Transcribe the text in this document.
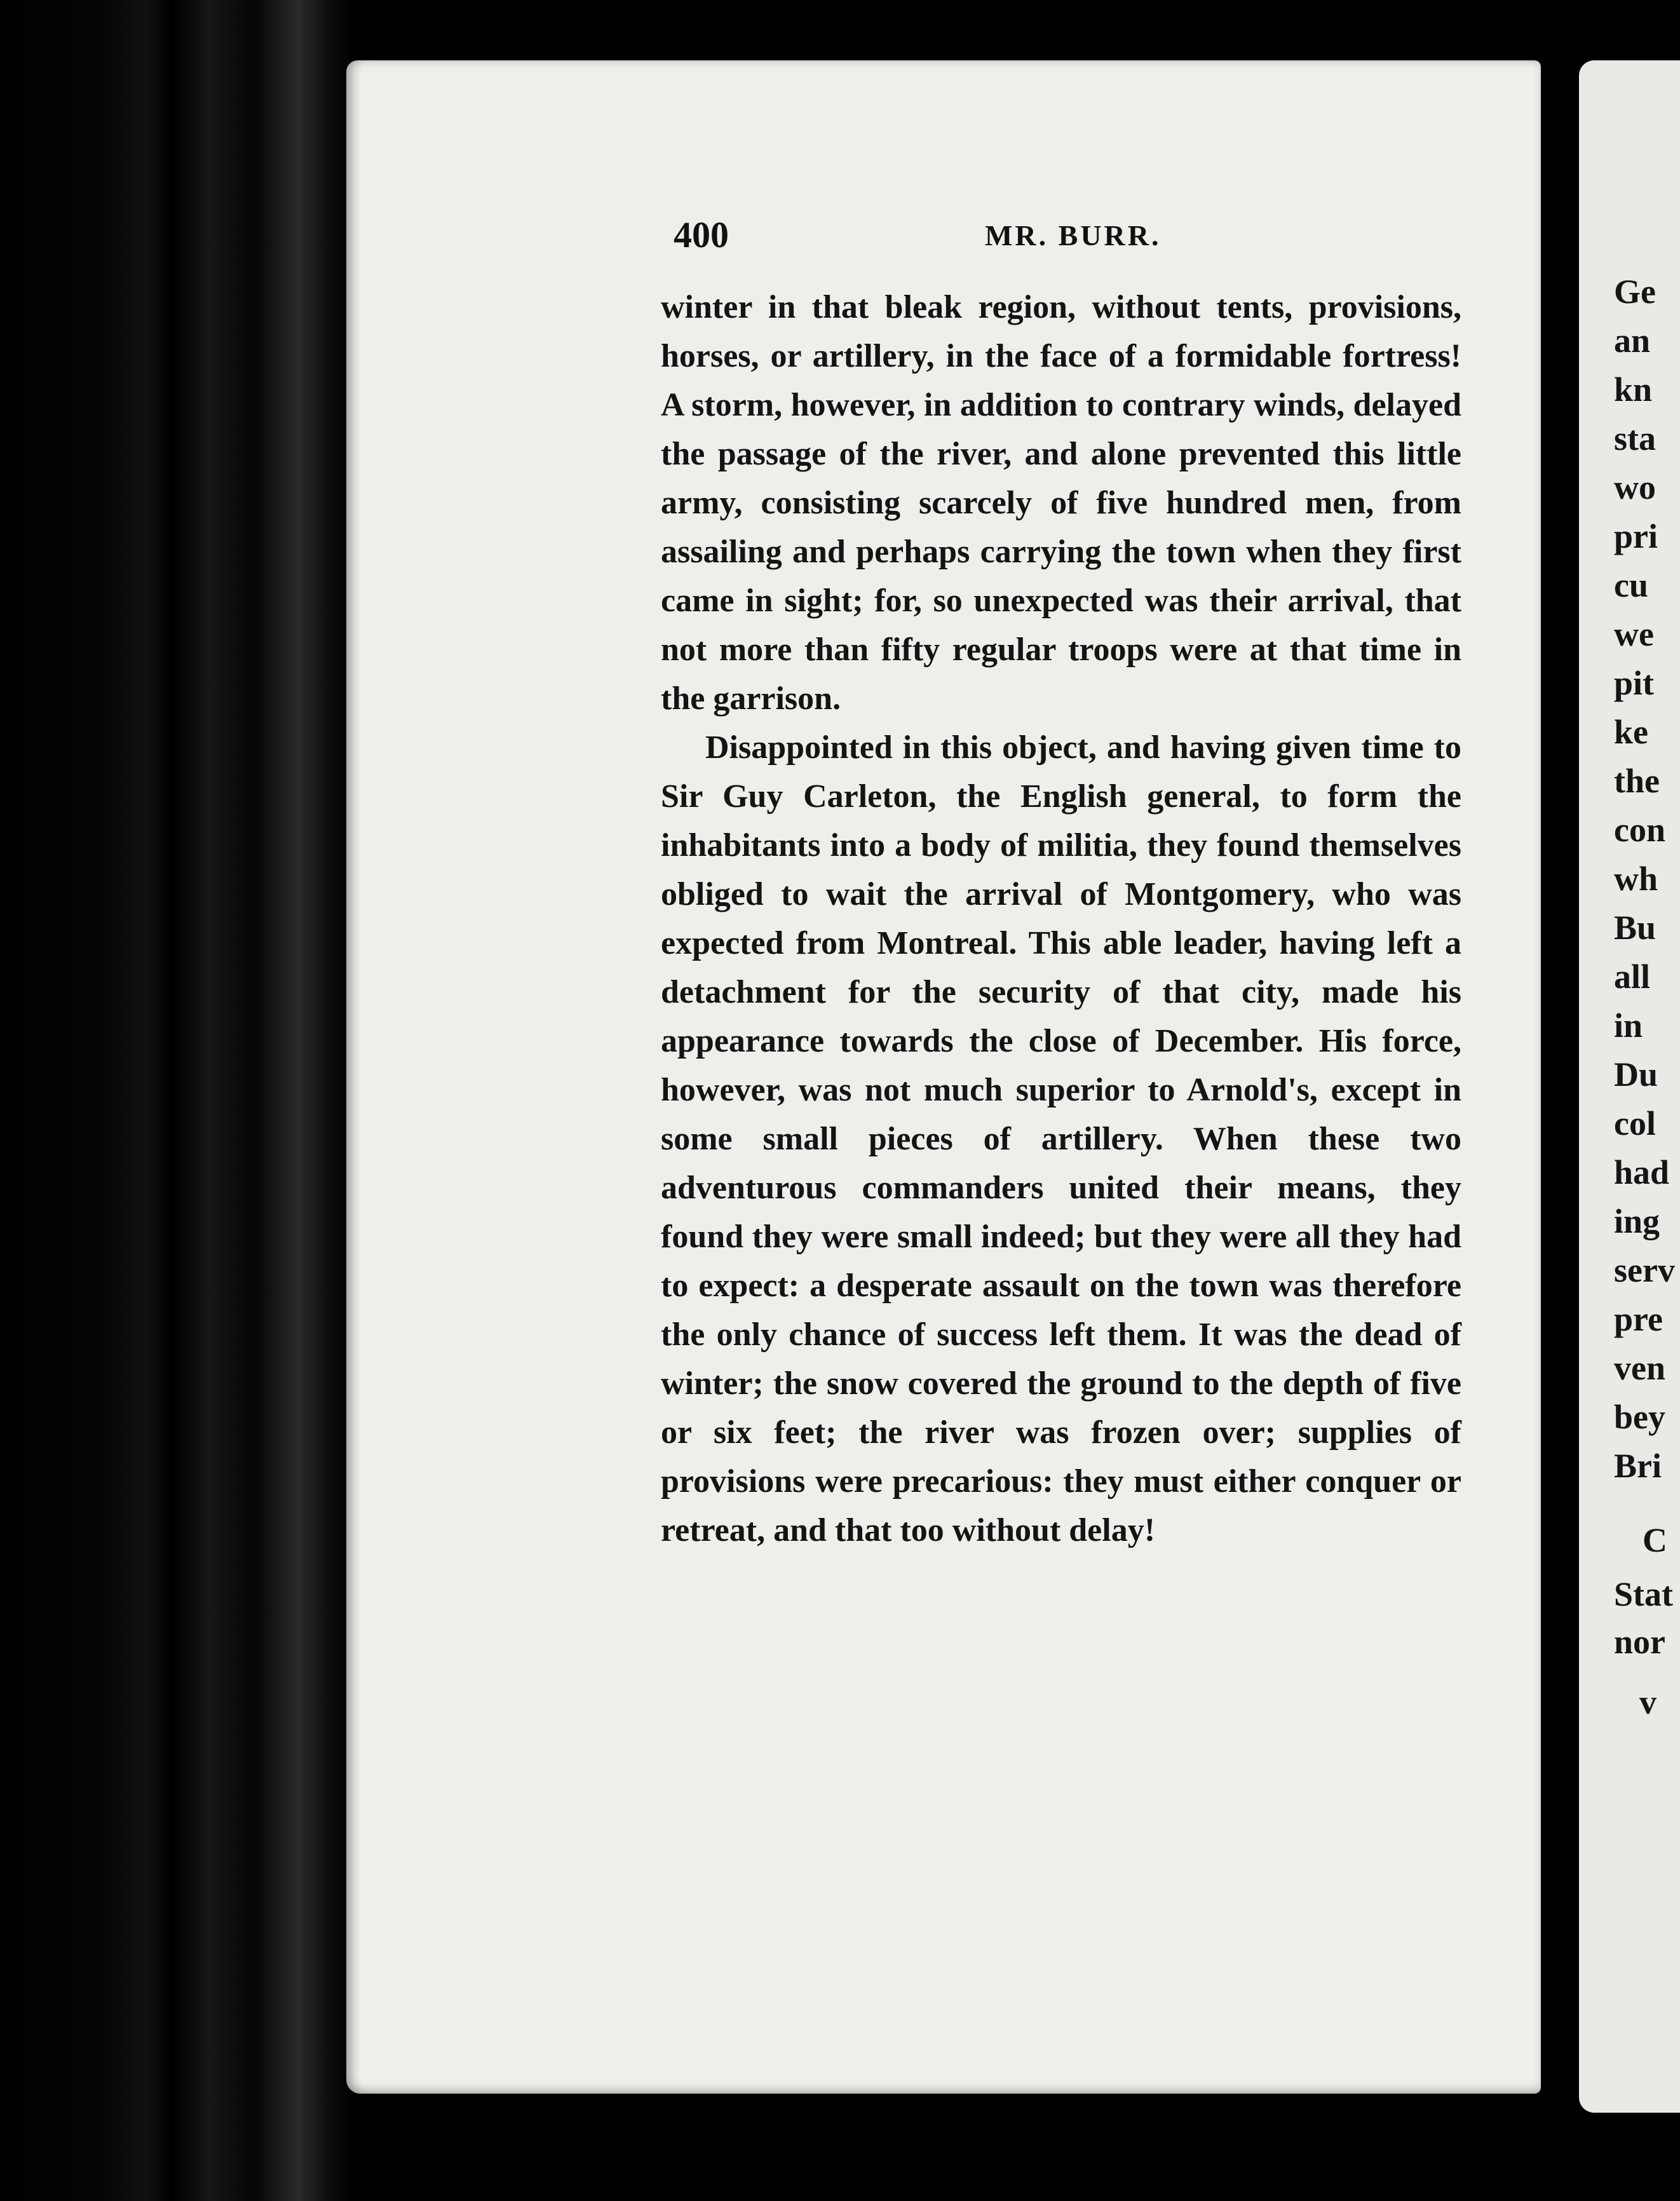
Ge
an
kn
sta
wo
pri
cu
we
pit
ke
the
con
wh
Bu
all
in
Du
col
had
ing
serv
pre
ven
bey
Bri
C
Stat
nor
v
400	MR. BURR.

winter in that bleak region, without tents, provisions, horses, or artillery, in the face of a formidable fortress! A storm, however, in addition to contrary winds, delayed the passage of the river, and alone prevented this little army, consisting scarcely of five hundred men, from assailing and perhaps carrying the town when they first came in sight; for, so unexpected was their arrival, that not more than fifty regular troops were at that time in the garrison.

Disappointed in this object, and having given time to Sir Guy Carleton, the English general, to form the inhabitants into a body of militia, they found themselves obliged to wait the arrival of Montgomery, who was expected from Montreal. This able leader, having left a detachment for the security of that city, made his appearance towards the close of December. His force, however, was not much superior to Arnold's, except in some small pieces of artillery. When these two adventurous commanders united their means, they found they were small indeed; but they were all they had to expect: a desperate assault on the town was therefore the only chance of success left them. It was the dead of winter; the snow covered the ground to the depth of five or six feet; the river was frozen over; supplies of provisions were precarious: they must either conquer or retreat, and that too without delay!
